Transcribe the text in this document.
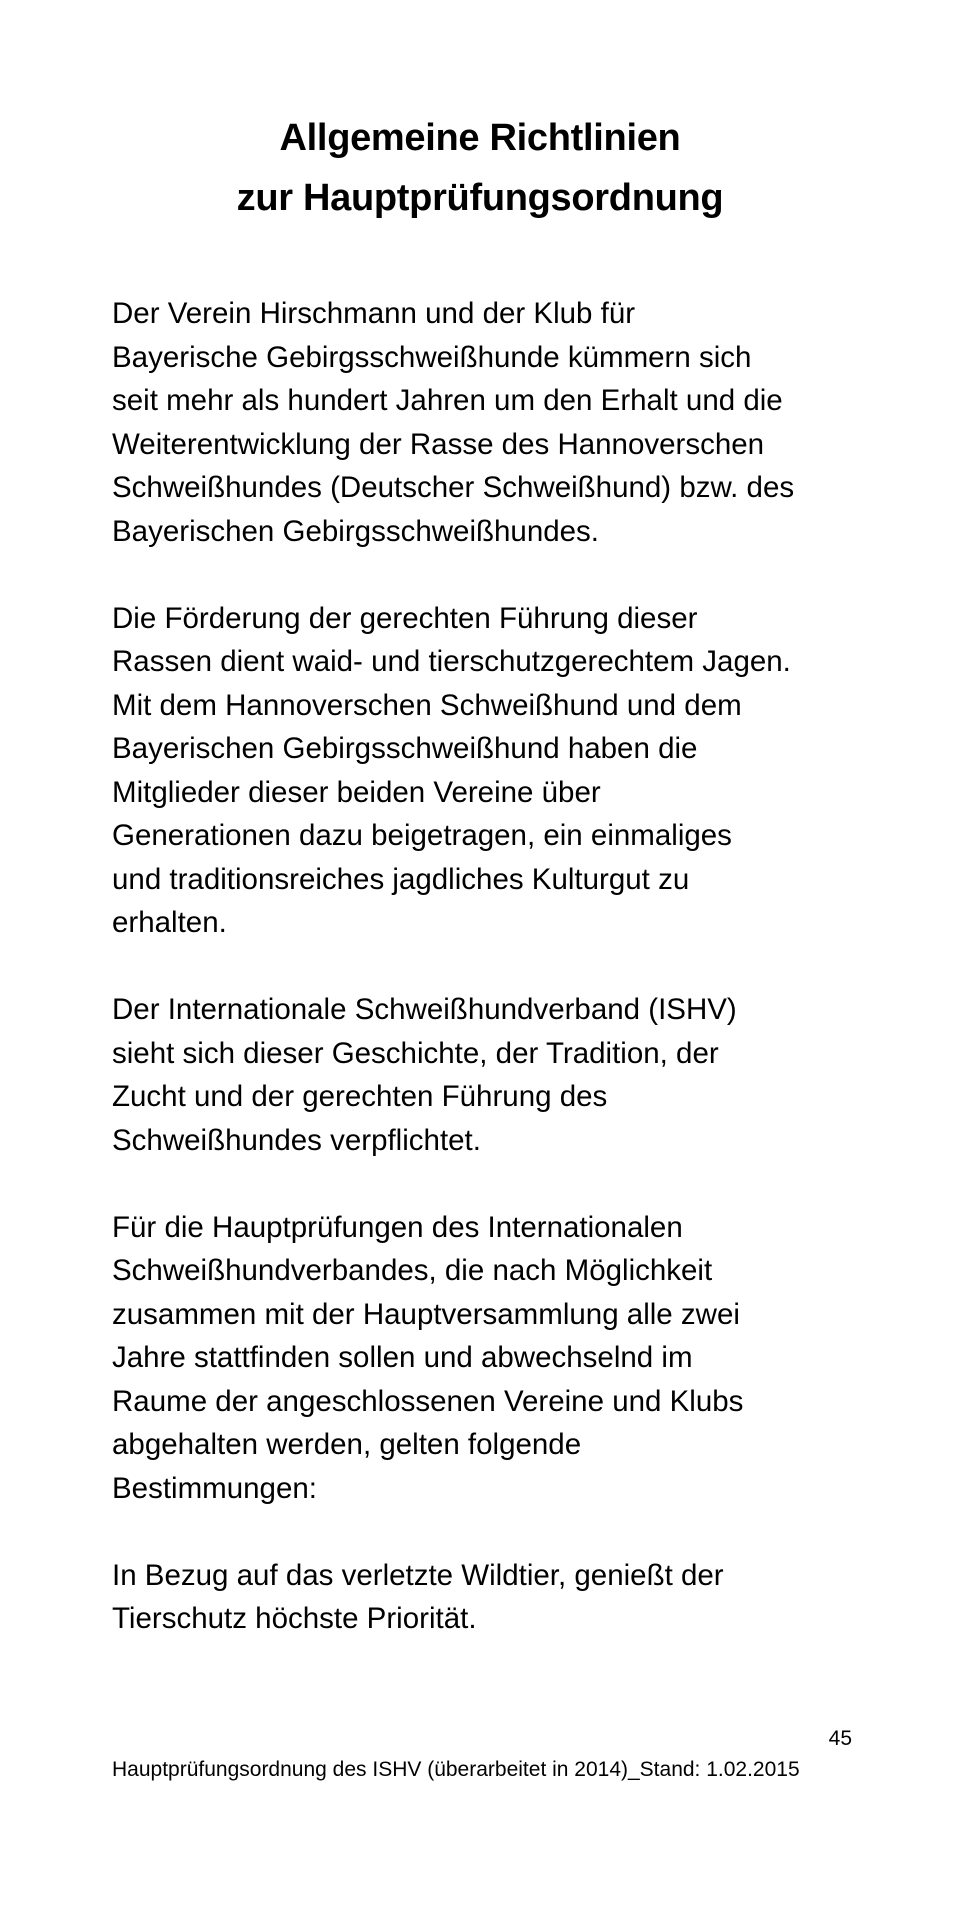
Allgemeine Richtlinien
zur Hauptprüfungsordnung

Der Verein Hirschmann und der Klub für
Bayerische Gebirgsschweißhunde kümmern sich
seit mehr als hundert Jahren um den Erhalt und die
Weiterentwicklung der Rasse des Hannoverschen
Schweißhundes (Deutscher Schweißhund) bzw. des
Bayerischen Gebirgsschweißhundes.

Die Förderung der gerechten Führung dieser
Rassen dient waid- und tierschutzgerechtem Jagen.
Mit dem Hannoverschen Schweißhund und dem
Bayerischen Gebirgsschweißhund haben die
Mitglieder dieser beiden Vereine über
Generationen dazu beigetragen, ein einmaliges
und traditionsreiches jagdliches Kulturgut zu
erhalten.

Der Internationale Schweißhundverband (ISHV)
sieht sich dieser Geschichte, der Tradition, der
Zucht und der gerechten Führung des
Schweißhundes verpflichtet.

Für die Hauptprüfungen des Internationalen
Schweißhundverbandes, die nach Möglichkeit
zusammen mit der Hauptversammlung alle zwei
Jahre stattfinden sollen und abwechselnd im
Raume der angeschlossenen Vereine und Klubs
abgehalten werden, gelten folgende
Bestimmungen:

In Bezug auf das verletzte Wildtier, genießt der
Tierschutz höchste Priorität.

45
Hauptprüfungsordnung des ISHV (überarbeitet in 2014)_Stand: 1.02.2015
